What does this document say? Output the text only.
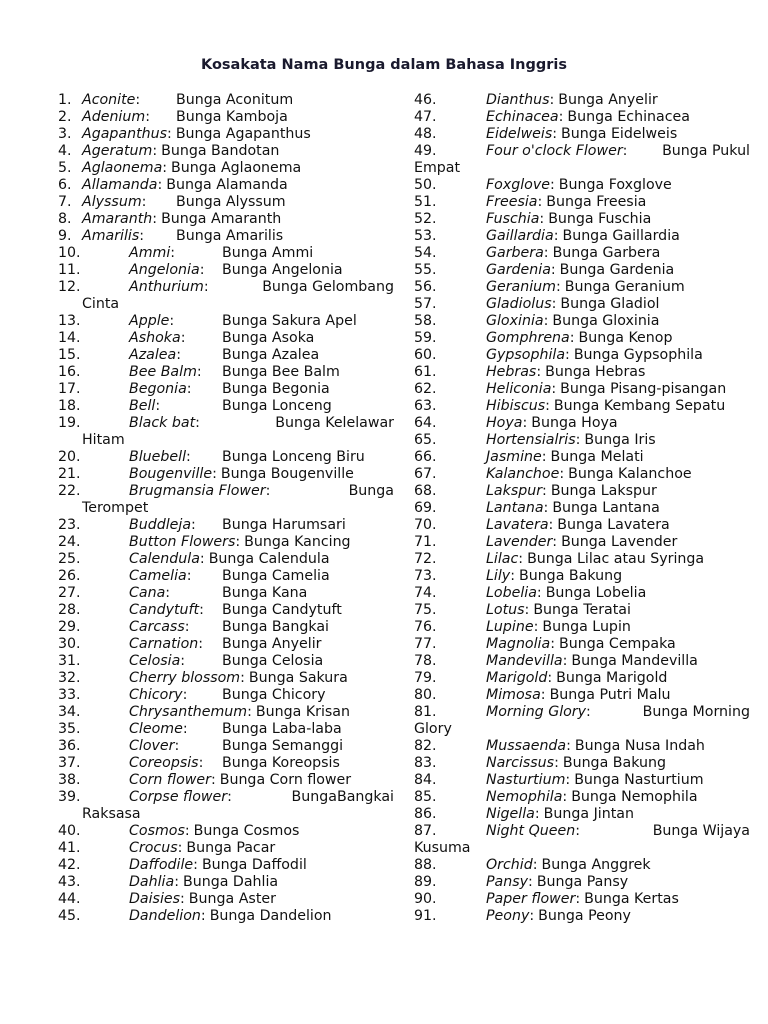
Kosakata Nama Bunga dalam Bahasa Inggris
1. Aconite :	Bunga Aconitum
2. Adenium : Bunga Kamboja
3. Agapanthus : Bunga Agapanthus
4. Ageratum : Bunga Bandotan
5. Aglaonema : Bunga Aglaonema
6. Allamanda : Bunga Alamanda
7. Alyssum : Bunga Alyssum
8. Amaranth : Bunga Amaranth
9. Amarilis : Bunga Amarilis
10.	Ammi :	Bunga Ammi
11.	Angelonia : Bunga Angelonia
12.	Anthurium :	Bunga Gelombang
Cinta
13.	Apple :	Bunga Sakura Apel
14.	Ashoka :	Bunga Asoka
15.	Azalea :	Bunga Azalea
16.	Bee Balm : Bunga Bee Balm
17.	Begonia : Bunga Begonia
18.	Bell :	Bunga Lonceng
19.	Black bat :	Bunga Kelelawar
Hitam
20.	Bluebell : Bunga Lonceng Biru
21.	Bougenville : Bunga Bougenville
22.	Brugmansia Flower :	Bunga
Terompet
23.	Buddleja : Bunga Harumsari
24.	Button Flowers : Bunga Kancing
25.	Calendula : Bunga Calendula
26.	Camelia : Bunga Camelia
27.	Cana :	Bunga Kana
28.	Candytuft : Bunga Candytuft
29.	Carcass : Bunga Bangkai
30.	Carnation : Bunga Anyelir
31.	Celosia :	Bunga Celosia
32.	Cherry blossom : Bunga Sakura
33.	Chicory : Bunga Chicory
34.	Chrysanthemum : Bunga Krisan
35.	Cleome : Bunga Laba-laba
36.	Clover :	Bunga Semanggi
37.	Coreopsis : Bunga Koreopsis
38.	Corn flower : Bunga Corn flower
39.	Corpse flower :	BungaBangkai
Raksasa
40.	Cosmos : Bunga Cosmos
41.	Crocus : Bunga Pacar
42.	Daffodile : Bunga Daffodil
43.	Dahlia : Bunga Dahlia
44.	Daisies : Bunga Aster
45.	Dandelion : Bunga Dandelion
46.	Dianthus : Bunga Anyelir
47.	Echinacea : Bunga Echinacea
48.	Eidelweis : Bunga Eidelweis
49.	Four o'clock Flower : Bunga Pukul
Empat
50.	Foxglove : Bunga Foxglove
51.	Freesia : Bunga Freesia
52.	Fuschia : Bunga Fuschia
53.	Gaillardia : Bunga Gaillardia
54.	Garbera : Bunga Garbera
55.	Gardenia : Bunga Gardenia
56.	Geranium : Bunga Geranium
57.	Gladiolus : Bunga Gladiol
58.	Gloxinia : Bunga Gloxinia
59.	Gomphrena : Bunga Kenop
60.	Gypsophila : Bunga Gypsophila
61.	Hebras : Bunga Hebras
62.	Heliconia : Bunga Pisang-pisangan
63.	Hibiscus : Bunga Kembang Sepatu
64.	Hoya : Bunga Hoya
65.	Hortensialris : Bunga Iris
66.	Jasmine : Bunga Melati
67.	Kalanchoe : Bunga Kalanchoe
68.	Lakspur : Bunga Lakspur
69.	Lantana : Bunga Lantana
70.	Lavatera : Bunga Lavatera
71.	Lavender : Bunga Lavender
72.	Lilac : Bunga Lilac atau Syringa
73.	Lily : Bunga Bakung
74.	Lobelia : Bunga Lobelia
75.	Lotus : Bunga Teratai
76.	Lupine : Bunga Lupin
77.	Magnolia : Bunga Cempaka
78.	Mandevilla : Bunga Mandevilla
79.	Marigold : Bunga Marigold
80.	Mimosa : Bunga Putri Malu
81.	Morning Glory :	Bunga Morning
Glory
82.	Mussaenda : Bunga Nusa Indah
83.	Narcissus : Bunga Bakung
84.	Nasturtium : Bunga Nasturtium
85.	Nemophila : Bunga Nemophila
86.	Nigella : Bunga Jintan
87.	Night Queen :	Bunga Wijaya
Kusuma
88.	Orchid : Bunga Anggrek
89.	Pansy : Bunga Pansy
90.	Paper flower : Bunga Kertas
91.	Peony : Bunga Peony
